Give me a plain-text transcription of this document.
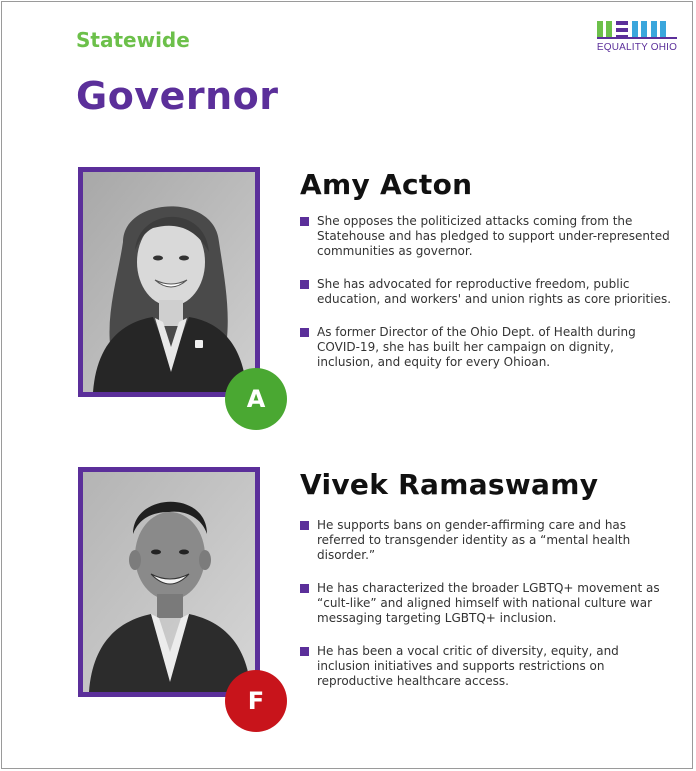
Statewide
Governor
EQUALITY OHIO
A
Amy Acton
She opposes the politicized attacks coming from the Statehouse and has pledged to support under-represented communities as governor.
She has advocated for reproductive freedom, public education, and workers' and union rights as core priorities.
As former Director of the Ohio Dept. of Health during COVID-19, she has built her campaign on dignity, inclusion, and equity for every Ohioan.
F
Vivek Ramaswamy
He supports bans on gender-affirming care and has referred to transgender identity as a “mental health disorder.”
He has characterized the broader LGBTQ+ movement as “cult-like” and aligned himself with national culture war messaging targeting LGBTQ+ inclusion.
He has been a vocal critic of diversity, equity, and inclusion initiatives and supports restrictions on reproductive healthcare access.
